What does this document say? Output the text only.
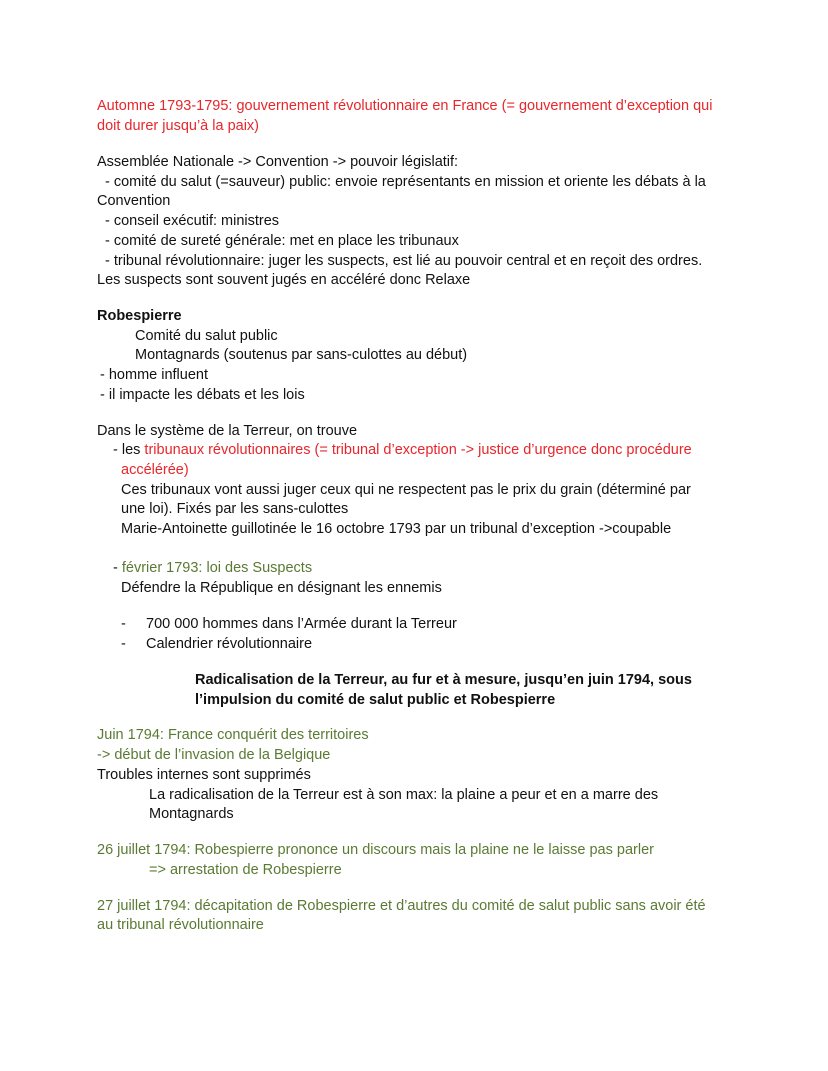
Automne 1793-1795: gouvernement révolutionnaire en France (= gouvernement d’exception qui
doit durer jusqu’à la paix)
Assemblée Nationale -> Convention -> pouvoir législatif:
- comité du salut (=sauveur) public: envoie représentants en mission et oriente les débats à la
Convention
- conseil exécutif: ministres
- comité de sureté générale: met en place les tribunaux
- tribunal révolutionnaire: juger les suspects, est lié au pouvoir central et en reçoit des ordres.
Les suspects sont souvent jugés en accéléré donc Relaxe
Robespierre
Comité du salut public
Montagnards (soutenus par sans-culottes au début)
- homme influent
- il impacte les débats et les lois
Dans le système de la Terreur, on trouve
- les tribunaux révolutionnaires (= tribunal d’exception -> justice d’urgence donc procédure
accélérée)
Ces tribunaux vont aussi juger ceux qui ne respectent pas le prix du grain (déterminé par
une loi). Fixés par les sans-culottes
Marie-Antoinette guillotinée le 16 octobre 1793 par un tribunal d’exception ->coupable
- février 1793: loi des Suspects
Défendre la République en désignant les ennemis
- 700 000 hommes dans l’Armée durant la Terreur
- Calendrier révolutionnaire
Radicalisation de la Terreur, au fur et à mesure, jusqu’en juin 1794, sous
l’impulsion du comité de salut public et Robespierre
Juin 1794: France conquérit des territoires
-> début de l’invasion de la Belgique
Troubles internes sont supprimés
La radicalisation de la Terreur est à son max: la plaine a peur et en a marre des
Montagnards
26 juillet 1794: Robespierre prononce un discours mais la plaine ne le laisse pas parler
=> arrestation de Robespierre
27 juillet 1794: décapitation de Robespierre et d’autres du comité de salut public sans avoir été
au tribunal révolutionnaire
